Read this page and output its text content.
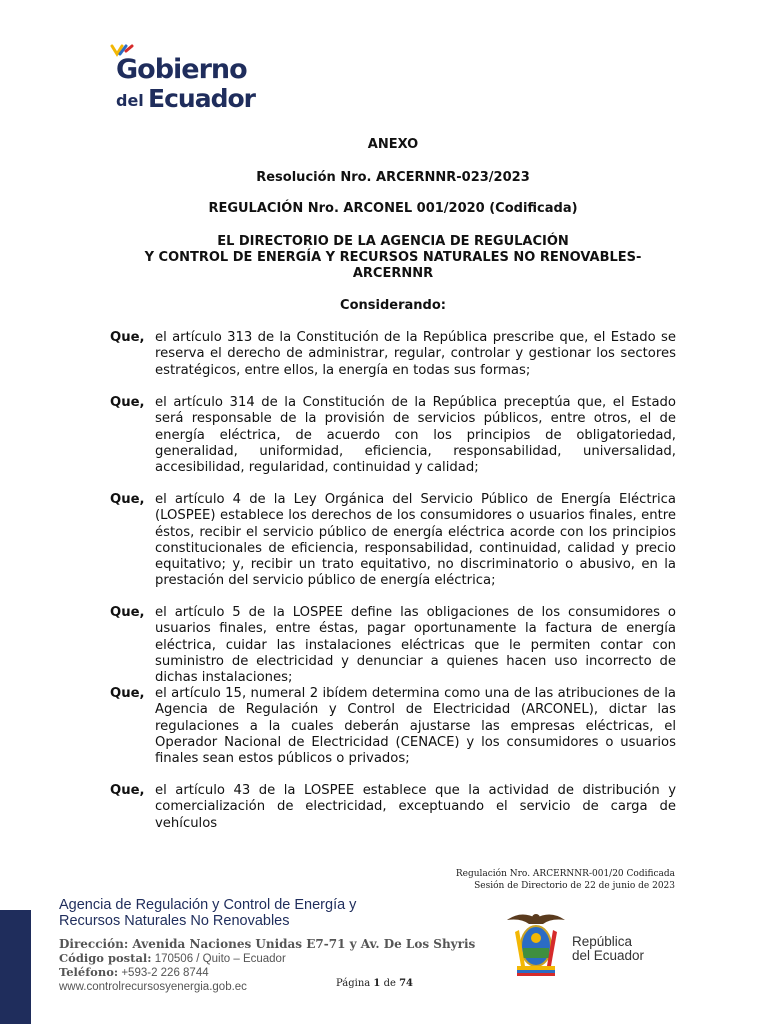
Gobierno
del Ecuador
ANEXO
Resolución Nro. ARCERNNR-023/2023
REGULACIÓN Nro. ARCONEL 001/2020 (Codificada)
EL DIRECTORIO DE LA AGENCIA DE REGULACIÓN
Y CONTROL DE ENERGÍA Y RECURSOS NATURALES NO RENOVABLES-
ARCERNNR
Considerando:
Que, el artículo 313 de la Constitución de la República prescribe que, el Estado se reserva el derecho de administrar, regular, controlar y gestionar los sectores estratégicos, entre ellos, la energía en todas sus formas;
Que, el artículo 314 de la Constitución de la República preceptúa que, el Estado será responsable de la provisión de servicios públicos, entre otros, el de energía eléctrica, de acuerdo con los principios de obligatoriedad, generalidad, uniformidad, eficiencia, responsabilidad, universalidad, accesibilidad, regularidad, continuidad y calidad;
Que, el artículo 4 de la Ley Orgánica del Servicio Público de Energía Eléctrica (LOSPEE) establece los derechos de los consumidores o usuarios finales, entre éstos, recibir el servicio público de energía eléctrica acorde con los principios constitucionales de eficiencia, responsabilidad, continuidad, calidad y precio equitativo; y, recibir un trato equitativo, no discriminatorio o abusivo, en la prestación del servicio público de energía eléctrica;
Que, el artículo 5 de la LOSPEE define las obligaciones de los consumidores o usuarios finales, entre éstas, pagar oportunamente la factura de energía eléctrica, cuidar las instalaciones eléctricas que le permiten contar con suministro de electricidad y denunciar a quienes hacen uso incorrecto de dichas instalaciones;
Que, el artículo 15, numeral 2 ibídem determina como una de las atribuciones de la Agencia de Regulación y Control de Electricidad (ARCONEL), dictar las regulaciones a la cuales deberán ajustarse las empresas eléctricas, el Operador Nacional de Electricidad (CENACE) y los consumidores o usuarios finales sean estos públicos o privados;
Que, el artículo 43 de la LOSPEE establece que la actividad de distribución y comercialización de electricidad, exceptuando el servicio de carga de vehículos
Regulación Nro. ARCERNNR-001/20 Codificada
Sesión de Directorio de 22 de junio de 2023
Agencia de Regulación y Control de Energía y
Recursos Naturales No Renovables
Dirección: Avenida Naciones Unidas E7-71 y Av. De Los Shyris
Código postal: 170506 / Quito – Ecuador
Teléfono: +593-2 226 8744
www.controlrecursosyenergia.gob.ec	Página 1 de 74
República
del Ecuador
